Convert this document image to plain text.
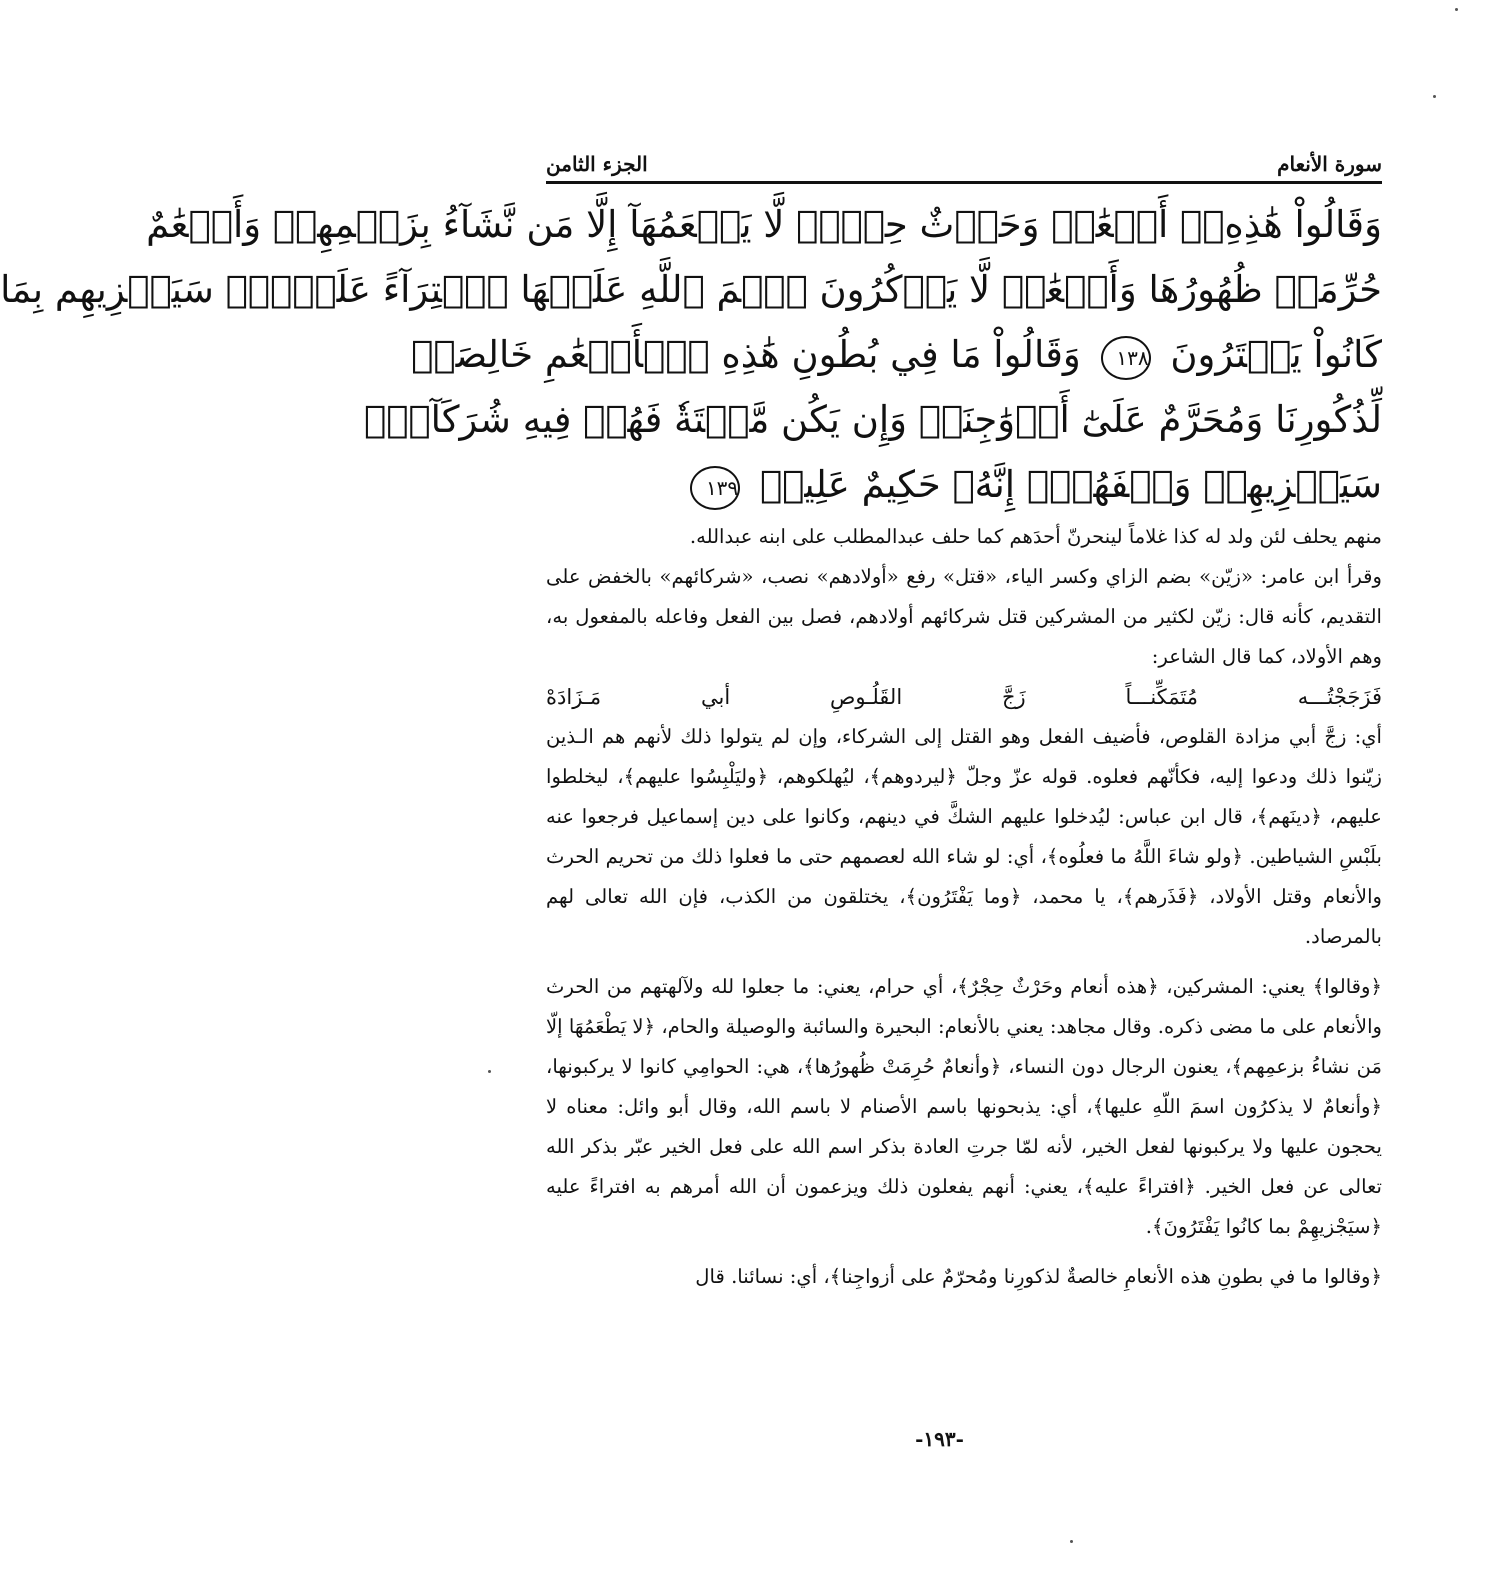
سورة الأنعام
الجزء الثامن
وَقَالُواْ هَٰذِهِۦٓ أَنۡعَٰمٞ وَحَرۡثٌ حِجۡرٞ لَّا يَطۡعَمُهَآ إِلَّا مَن نَّشَآءُ بِزَعۡمِهِمۡ وَأَنۡعَٰمٌ
حُرِّمَتۡ ظُهُورُهَا وَأَنۡعَٰمٞ لَّا يَذۡكُرُونَ ٱسۡمَ ٱللَّهِ عَلَيۡهَا ٱفۡتِرَآءً عَلَيۡهِۚ سَيَجۡزِيهِم بِمَا
كَانُواْ يَفۡتَرُونَ ١٣٨ وَقَالُواْ مَا فِي بُطُونِ هَٰذِهِ ٱلۡأَنۡعَٰمِ خَالِصَةٞ
لِّذُكُورِنَا وَمُحَرَّمٌ عَلَىٰٓ أَزۡوَٰجِنَاۖ وَإِن يَكُن مَّيۡتَةٗ فَهُمۡ فِيهِ شُرَكَآءُۚ
سَيَجۡزِيهِمۡ وَصۡفَهُمۡۚ إِنَّهُۥ حَكِيمٌ عَلِيمٞ ١٣٩

منهم يحلف لئن ولد له كذا غلاماً لينحرنّ أحدَهم كما حلف عبدالمطلب على ابنه عبدالله.

وقرأ ابن عامر: «زيّن» بضم الزاي وكسر الياء، «قتل» رفع «أولادهم» نصب، «شركائهم» بالخفض على التقديم، كأنه قال: زيّن لكثير من المشركين قتل شركائهم أولادهم، فصل بين الفعل وفاعله بالمفعول به، وهم الأولاد، كما قال الشاعر:

فَزَجَجْتُـــه
مُتَمَكِّنـــاً
زَجَّ
القَلُـوصِ
أبي
مَـزَادَهْ

أي: زجَّ أبي مزادة القلوص، فأضيف الفعل وهو القتل إلى الشركاء، وإن لم يتولوا ذلك لأنهم هم الـذين زيّنوا ذلك ودعوا إليه، فكأنّهم فعلوه. قوله عزّ وجلّ ﴿ليردوهم﴾، ليُهلكوهم، ﴿وليَلْبِسُوا عليهم﴾، ليخلطوا عليهم، ﴿دينَهم﴾، قال ابن عباس: ليُدخلوا عليهم الشكَّ في دينهم، وكانوا على دين إسماعيل فرجعوا عنه بلَبْسِ الشياطين. ﴿ولو شاءَ اللَّهُ ما فعلُوه﴾، أي: لو شاء الله لعصمهم حتى ما فعلوا ذلك من تحريم الحرث والأنعام وقتل الأولاد، ﴿فَذَرهم﴾، يا محمد، ﴿وما يَفْتَرُون﴾، يختلقون من الكذب، فإن الله تعالى لهم بالمرصاد.

﴿وقالوا﴾ يعني: المشركين، ﴿هذه أنعام وحَرْثٌ حِجْرٌ﴾، أي حرام، يعني: ما جعلوا لله ولآلهتهم من الحرث والأنعام على ما مضى ذكره. وقال مجاهد: يعني بالأنعام: البحيرة والسائبة والوصيلة والحام، ﴿لا يَطْعَمُهَا إلّا مَن نشاءُ بزعمِهم﴾، يعنون الرجال دون النساء، ﴿وأنعامٌ حُرِمَتْ ظُهورُها﴾، هي: الحوامِي كانوا لا يركبونها، ﴿وأنعامٌ لا يذكرُون اسمَ اللّهِ عليها﴾، أي: يذبحونها باسم الأصنام لا باسم الله، وقال أبو وائل: معناه لا يحجون عليها ولا يركبونها لفعل الخير، لأنه لمّا جرتِ العادة بذكر اسم الله على فعل الخير عبّر بذكر الله تعالى عن فعل الخير. ﴿افتراءً عليه﴾، يعني: أنهم يفعلون ذلك ويزعمون أن الله أمرهم به افتراءً عليه ﴿سيَجْزيهِمْ بما كانُوا يَفْتَرُونَ﴾.

﴿وقالوا ما في بطونِ هذه الأنعامِ خالصةٌ لذكورِنا ومُحرّمٌ على أزواجِنا﴾، أي: نسائنا. قال

-١٩٣-
